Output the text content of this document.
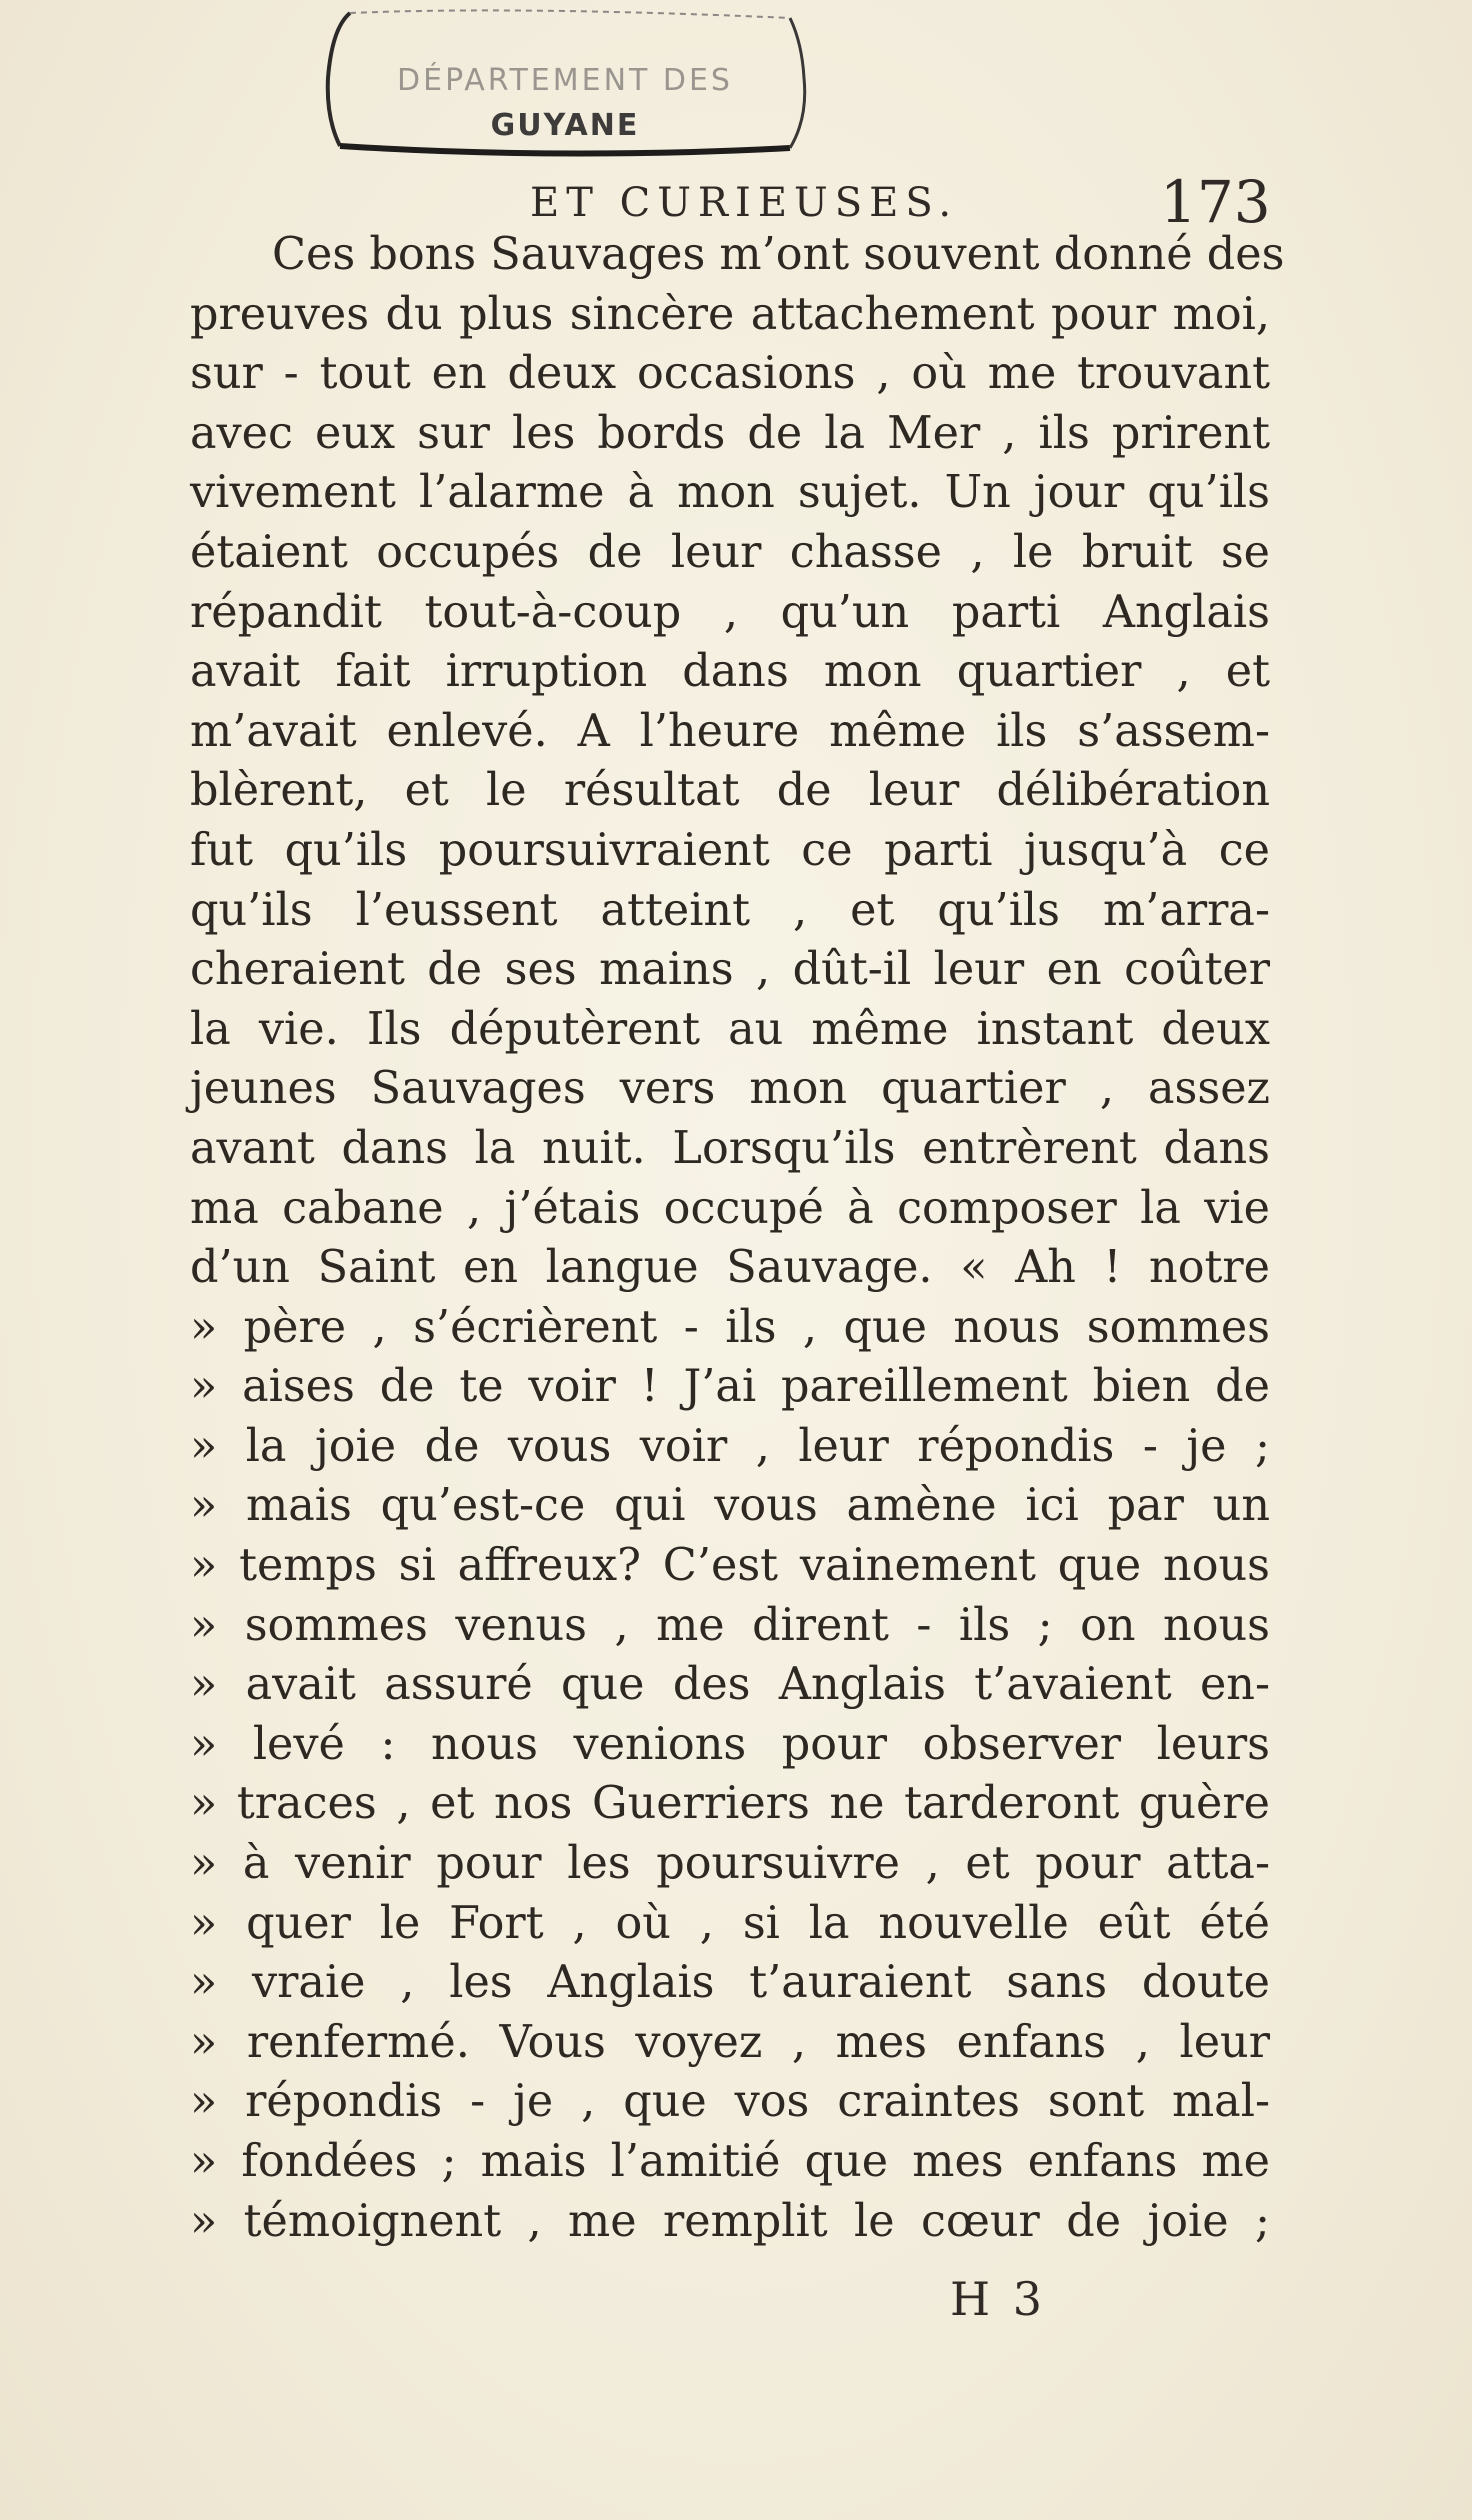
DÉPARTEMENT DES
GUYANE
ET CURIEUSES.	173
Ces bons Sauvages m’ont souvent donné des
preuves du plus sincère attachement pour moi,
sur - tout en deux occasions , où me trouvant
avec eux sur les bords de la Mer , ils prirent
vivement l’alarme à mon sujet. Un jour qu’ils
étaient occupés de leur chasse , le bruit se
répandit tout-à-coup , qu’un parti Anglais
avait fait irruption dans mon quartier , et
m’avait enlevé. A l’heure même ils s’assem-
blèrent, et le résultat de leur délibération
fut qu’ils poursuivraient ce parti jusqu’à ce
qu’ils l’eussent atteint , et qu’ils m’arra-
cheraient de ses mains , dût-il leur en coûter
la vie. Ils députèrent au même instant deux
jeunes Sauvages vers mon quartier , assez
avant dans la nuit. Lorsqu’ils entrèrent dans
ma cabane , j’étais occupé à composer la vie
d’un Saint en langue Sauvage. « Ah ! notre
» père , s’écrièrent - ils , que nous sommes
» aises de te voir ! J’ai pareillement bien de
» la joie de vous voir , leur répondis - je ;
» mais qu’est-ce qui vous amène ici par un
» temps si affreux? C’est vainement que nous
» sommes venus , me dirent - ils ; on nous
» avait assuré que des Anglais t’avaient en-
» levé : nous venions pour observer leurs
» traces , et nos Guerriers ne tarderont guère
» à venir pour les poursuivre , et pour atta-
» quer le Fort , où , si la nouvelle eût été
» vraie , les Anglais t’auraient sans doute
» renfermé. Vous voyez , mes enfans , leur
» répondis - je , que vos craintes sont mal-
» fondées ; mais l’amitié que mes enfans me
» témoignent , me remplit le cœur de joie ;
H 3
